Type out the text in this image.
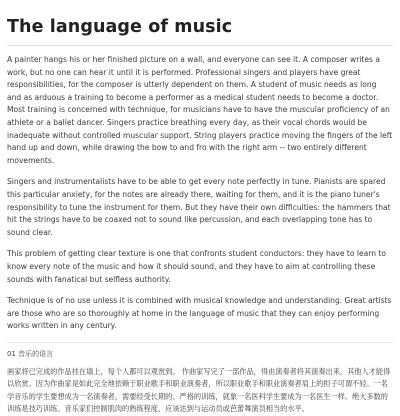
The language of music

A painter hangs his or her finished picture on a wall, and everyone can see it. A composer writes a work, but no one can hear it until it is performed. Professional singers and players have great responsibilities, for the composer is utterly dependent on them. A student of music needs as long and as arduous a training to become a performer as a medical student needs to become a doctor. Most training is concerned with technique, for musicians have to have the muscular proficiency of an athlete or a ballet dancer. Singers practice breathing every day, as their vocal chords would be inadequate without controlled muscular support. String players practice moving the fingers of the left hand up and down, while drawing the bow to and fro with the right arm -- two entirely different movements.

Singers and instrumentalists have to be able to get every note perfectly in tune. Pianists are spared this particular anxiety, for the notes are already there, waiting for them, and it is the piano tuner's responsibility to tune the instrument for them. But they have their own difficulties: the hammers that hit the strings have to be coaxed not to sound like percussion, and each overlapping tone has to sound clear.

This problem of getting clear texture is one that confronts student conductors: they have to learn to know every note of the music and how it should sound, and they have to aim at controlling these sounds with fanatical but selfless authority.

Technique is of no use unless it is combined with musical knowledge and understanding. Great artists are those who are so thoroughly at home in the language of music that they can enjoy performing works written in any century.

01 音乐的语言

画家将已完成的作品挂在墙上，每个人都可以观赏到。 作曲家写完了一部作品，得由演奏者将其演奏出来，其他人才能得以欣赏。因为作曲家是如此完全地依赖于职业歌手和职业演奏者，所以职业歌手和职业演奏者肩上的担子可谓不轻。一名学音乐的学生要想成为一名演奏者，需要经受长期的、严格的训练，就象一名医科学生要成为一名医生一样。绝大多数的训练是技巧训练。音乐家们控制肌肉的熟练程度，应该达到与运动员或芭蕾舞演员相当的水平。
